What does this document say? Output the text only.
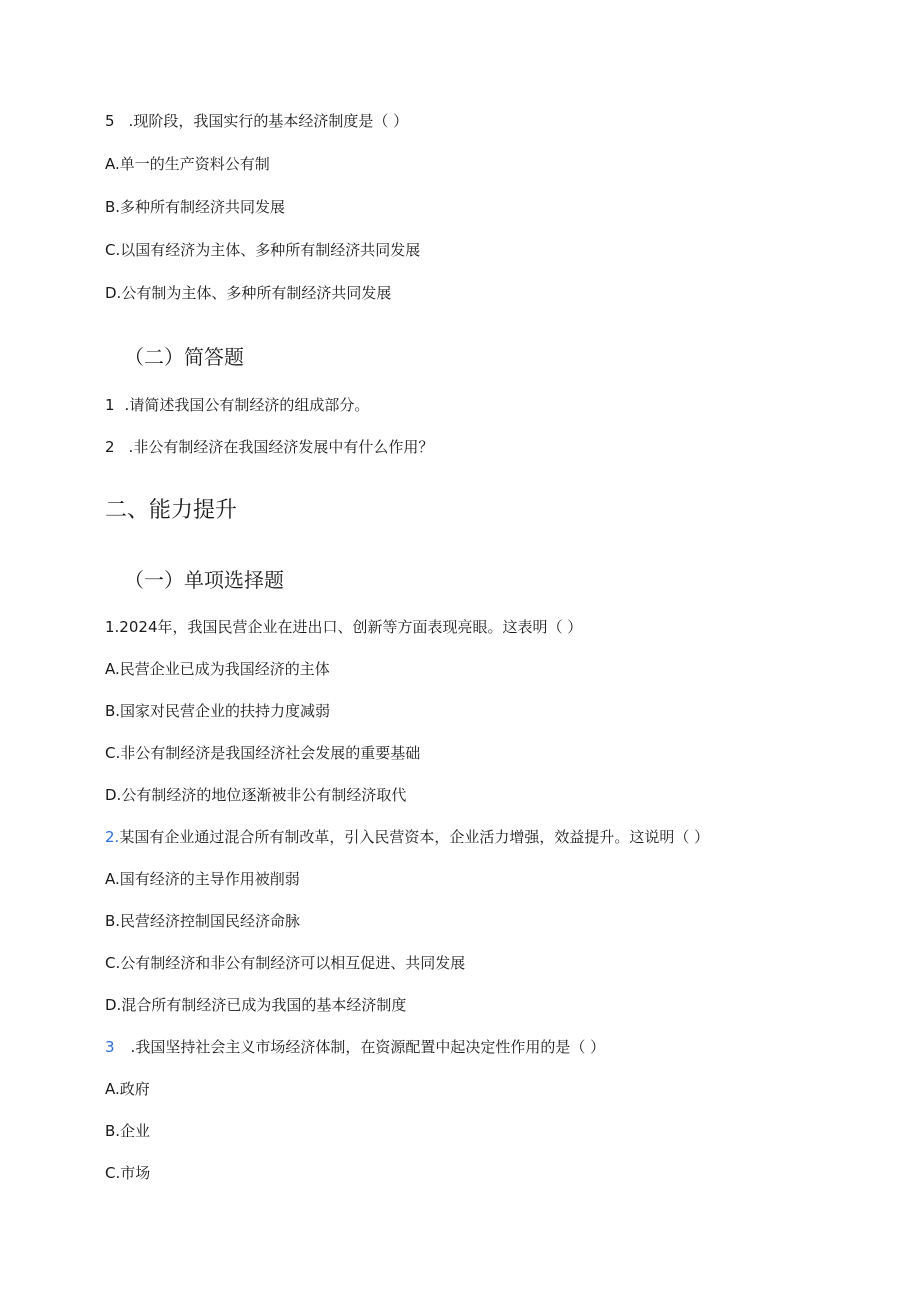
5 .现阶段，我国实行的基本经济制度是（ ）
A.单一的生产资料公有制
B.多种所有制经济共同发展
C.以国有经济为主体、多种所有制经济共同发展
D.公有制为主体、多种所有制经济共同发展
（二）简答题
1 .请简述我国公有制经济的组成部分。
2 .非公有制经济在我国经济发展中有什么作用？
二、能力提升
（一）单项选择题
1.2024年，我国民营企业在进出口、创新等方面表现亮眼。这表明（ ）
A.民营企业已成为我国经济的主体
B.国家对民营企业的扶持力度减弱
C.非公有制经济是我国经济社会发展的重要基础
D.公有制经济的地位逐渐被非公有制经济取代
2.某国有企业通过混合所有制改革，引入民营资本，企业活力增强，效益提升。这说明（ ）
A.国有经济的主导作用被削弱
B.民营经济控制国民经济命脉
C.公有制经济和非公有制经济可以相互促进、共同发展
D.混合所有制经济已成为我国的基本经济制度
3 .我国坚持社会主义市场经济体制，在资源配置中起决定性作用的是（ ）
A.政府
B.企业
C.市场
